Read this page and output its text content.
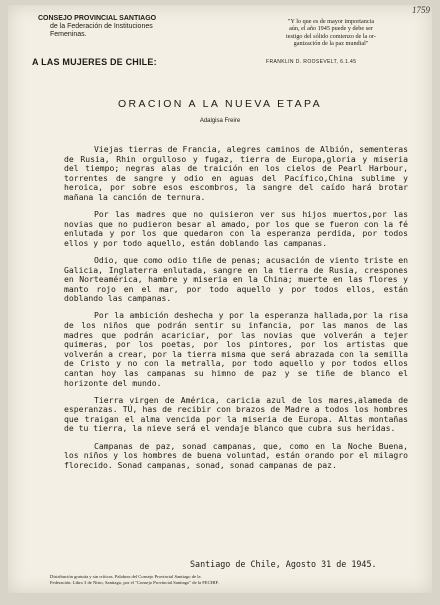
1759
CONSEJO PROVINCIAL SANTIAGO
de la Federación de Instituciones
Femeninas.
A LAS MUJERES DE CHILE:
"Y lo que es de mayor importancia
aún, el año 1945 puede y debe ser
testigo del sólido comienzo de la or-
ganización de la paz mundial"
FRANKLIN D. ROOSEVELT, 6.1.45
ORACION A LA NUEVA ETAPA
Adalgisa Freire

Viejas tierras de Francia, alegres caminos de Albión, sementeras de Rusia, Rhin orgulloso y fugaz, tierra de Europa,gloria y miseria del tiempo; negras alas de traición en los cielos de Pearl Harbour, torrentes de sangre y odio en aguas del Pacífico,China sublime y heroica, por sobre esos escombros, la sangre del caído hará brotar mañana la canción de ternura.

Por las madres que no quisieron ver sus hijos muertos,por las novias que no pudieron besar al amado, por los que se fueron con la fé enlutada y por los que quedaron con la esperanza perdida, por todos ellos y por todo aquello, están doblando las campanas.

Odio, que como odio tiñe de penas; acusación de viento triste en Galicia, Inglaterra enlutada, sangre en la tierra de Rusia, crespones en Norteamérica, hambre y miseria en la China; muerte en las flores y manto rojo en el mar, por todo aquello y por todos ellos, están doblando las campanas.

Por la ambición deshecha y por la esperanza hallada,por la risa de los niños que podrán sentir su infancia, por las manos de las madres que podrán acariciar, por las novias que volverán a tejer quimeras, por los poetas, por los pintores, por los artistas que volverán a crear, por la tierra misma que será abrazada con la semilla de Cristo y no con la metralla, por todo aquello y por todos ellos cantan hoy las campanas su himno de paz y se tiñe de blanco el horizonte del mundo.

Tierra virgen de América, caricia azul de los mares,alameda de esperanzas. TÚ, has de recibir con brazos de Madre a todos los hombres que traigan el alma vencida por la miseria de Europa. Altas montañas de tu tierra, la nieve será el vendaje blanco que cubra sus heridas.

Campanas de paz, sonad campanas, que, como en la Noche Buena, los niños y los hombres de buena voluntad, están orando por el milagro florecido. Sonad campanas, sonad, sonad campanas de paz.

Santiago de Chile, Agosto 31 de 1945.
Distribución gratuita y sin críticas. Palabras del Consejo Provincial Santiago de la
Federación. Libro 3 de Nitro, Santiago, por el "Consejo Provincial Santiago" de la FECHIF.
